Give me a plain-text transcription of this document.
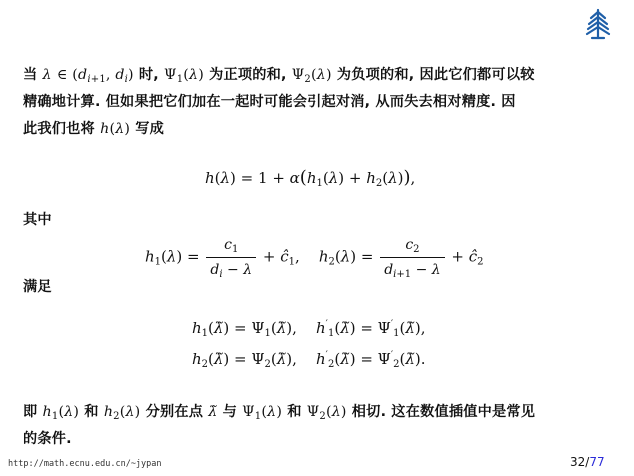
当 λ ∈ ($d_{i+1}$, $d_i$) 时, $\Psi_1(\lambda)$ 为正项的和, $\Psi_2(\lambda)$ 为负项的和, 因此它们都可以较
精确地计算. 但如果把它们加在一起时可能会引起对消, 从而失去相对精度. 因
此我们也将 h(λ) 写成
$h(\lambda) = 1 + \alpha(h_1(\lambda) + h_2(\lambda))$,
其中
$h_1(\lambda) = \frac{c_1}{d_i - \lambda}$ + $ĉ_1$,    $h_2(\lambda) = \frac{c_2}{d_{i+1} - \lambda}$ + $ĉ_2$
满足
$h_1(\lambdã)$ = $\Psi_1(\lambdã)$,    $h'_1(\lambdã)$ = $\Psi'_1(\lambdã)$,
$h_2(\lambdã)$ = $\Psi_2(\lambdã)$,    $h'_2(\lambdã)$ = $\Psi'_2(\lambdã)$.
即 $h_1(\lambda)$ 和 $h_2(\lambda)$ 分别在点 λ̃ 与 $\Psi_1(\lambda)$ 和 $\Psi_2(\lambda)$ 相切. 这在数值插值中是常见
的条件.
http://math.ecnu.edu.cn/~jypan	32/77
